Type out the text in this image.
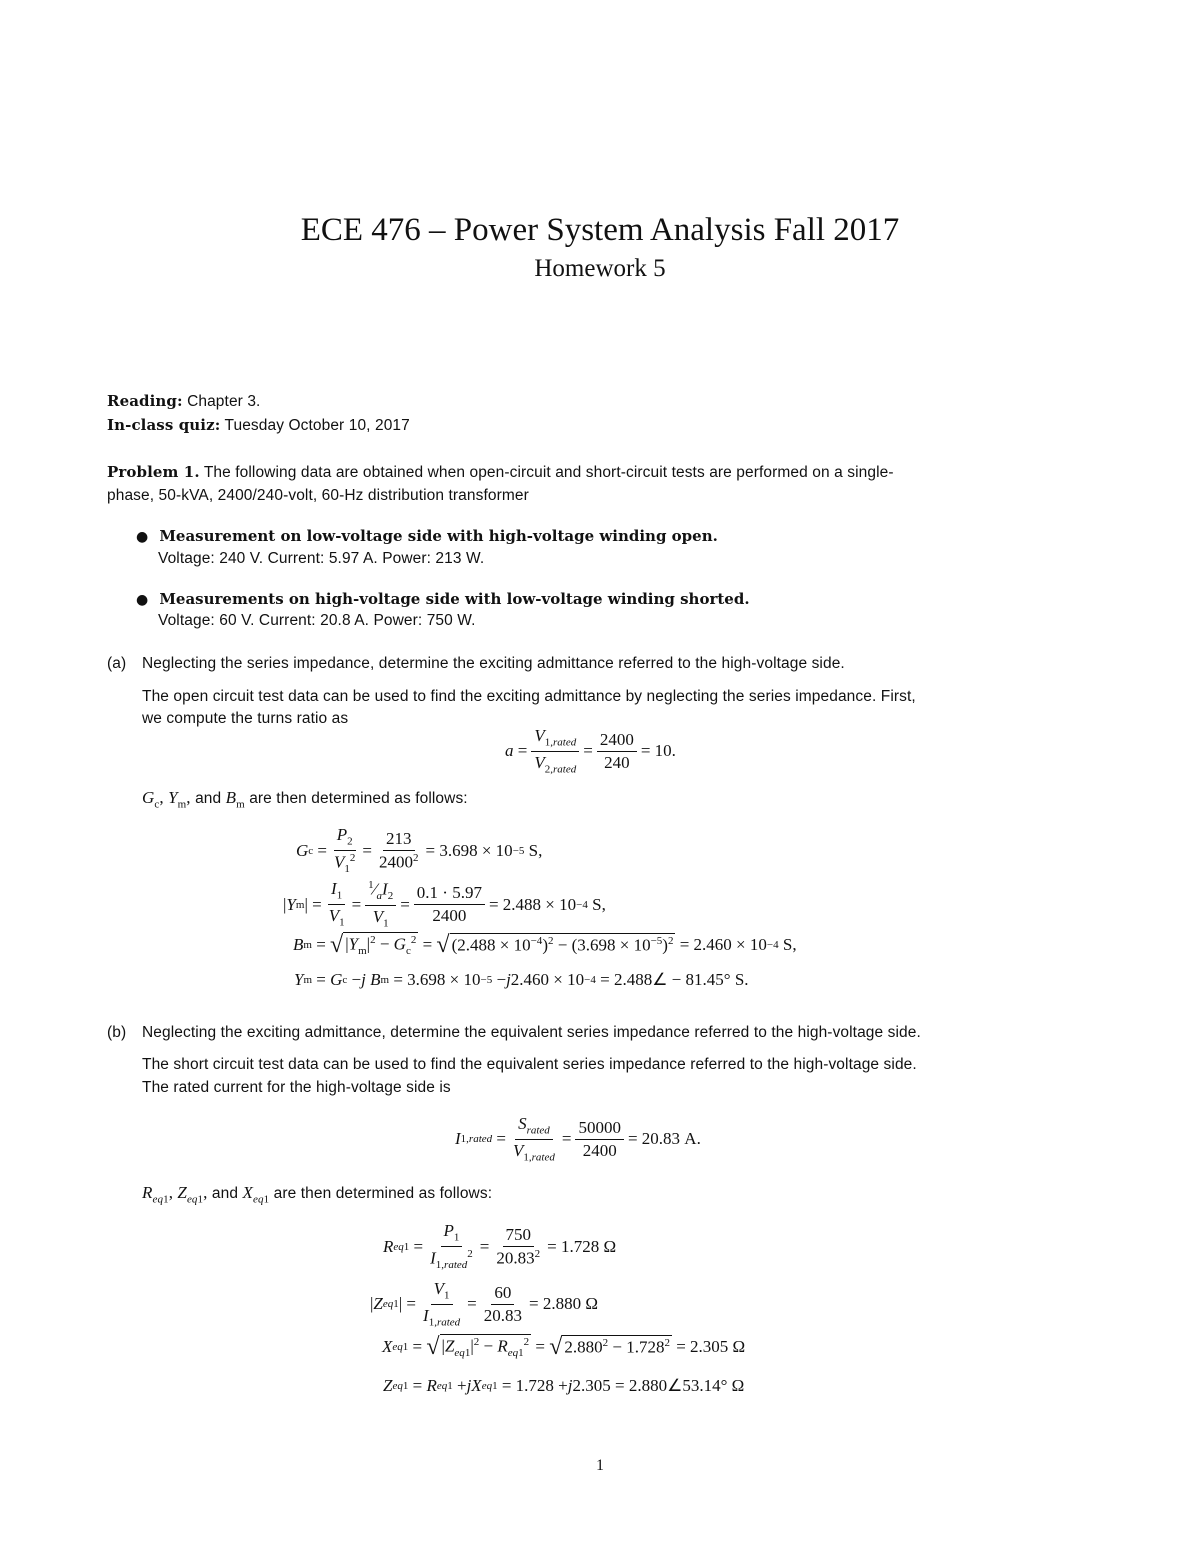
ECE 476 – Power System Analysis Fall 2017
Homework 5
Reading: Chapter 3.
In-class quiz: Tuesday October 10, 2017
Problem 1. The following data are obtained when open-circuit and short-circuit tests are performed on a single-
phase, 50-kVA, 2400/240-volt, 60-Hz distribution transformer
● Measurement on low-voltage side with high-voltage winding open.
Voltage: 240 V. Current: 5.97 A. Power: 213 W.
● Measurements on high-voltage side with low-voltage winding shorted.
Voltage: 60 V. Current: 20.8 A. Power: 750 W.
(a) Neglecting the series impedance, determine the exciting admittance referred to the high-voltage side.
The open circuit test data can be used to find the exciting admittance by neglecting the series impedance. First,
we compute the turns ratio as
$a = \frac{V_{1,rated}}{V_{2,rated}} = \frac{2400}{240} = 10$.
$G_c$, $Y_m$, and $B_m$ are then determined as follows:
G $c = \frac{P_2}{V_1^2} = \frac{213}{2400^2} = 3.698 \times 10 -5$ S,
| Y m | = $\frac{I_1}{V_1} = \frac{^1⁄_aI_2}{V_1} = \frac{0.1 \cdot 5.97}{2400} = 2.488 \times 10 -4$ S,
B m = √ $|Y_m|^2 - G_c^2$ = √ $(2.488 \times 10^{-4})^2 - (3.698 \times 10^{-5})^2 = 2.460 \times 10 -4$ S,
Y m = G c − j B m = 3.698 × 10 −5 − j 2.460 × 10 −4 = 2.488∠ − 81.45° S.
(b) Neglecting the exciting admittance, determine the equivalent series impedance referred to the high-voltage side.
The short circuit test data can be used to find the equivalent series impedance referred to the high-voltage side.
The rated current for the high-voltage side is
I 1,rated = $\frac{S_{rated}}{V_{1,rated}} = \frac{50000}{2400} = 20.83$ A.
$R_{eq1}$, $Z_{eq1}$, and $X_{eq1}$ are then determined as follows:
R $eq1 = \frac{P_1}{I_{1,rated}^2} = \frac{750}{20.83^2} = 1.728$ Ω
| Z eq1 | = $\frac{V_1}{I_{1,rated}} = \frac{60}{20.83} = 2.880$ Ω
X eq1 = √ $|Z_{eq1}|^2 - R_{eq1}^2$ = √ $2.880^2 - 1.728^2 = 2.305$ Ω
Z eq1 = R eq1 + jX eq1 = 1.728 + j 2.305 = 2.880∠53.14° Ω
1
